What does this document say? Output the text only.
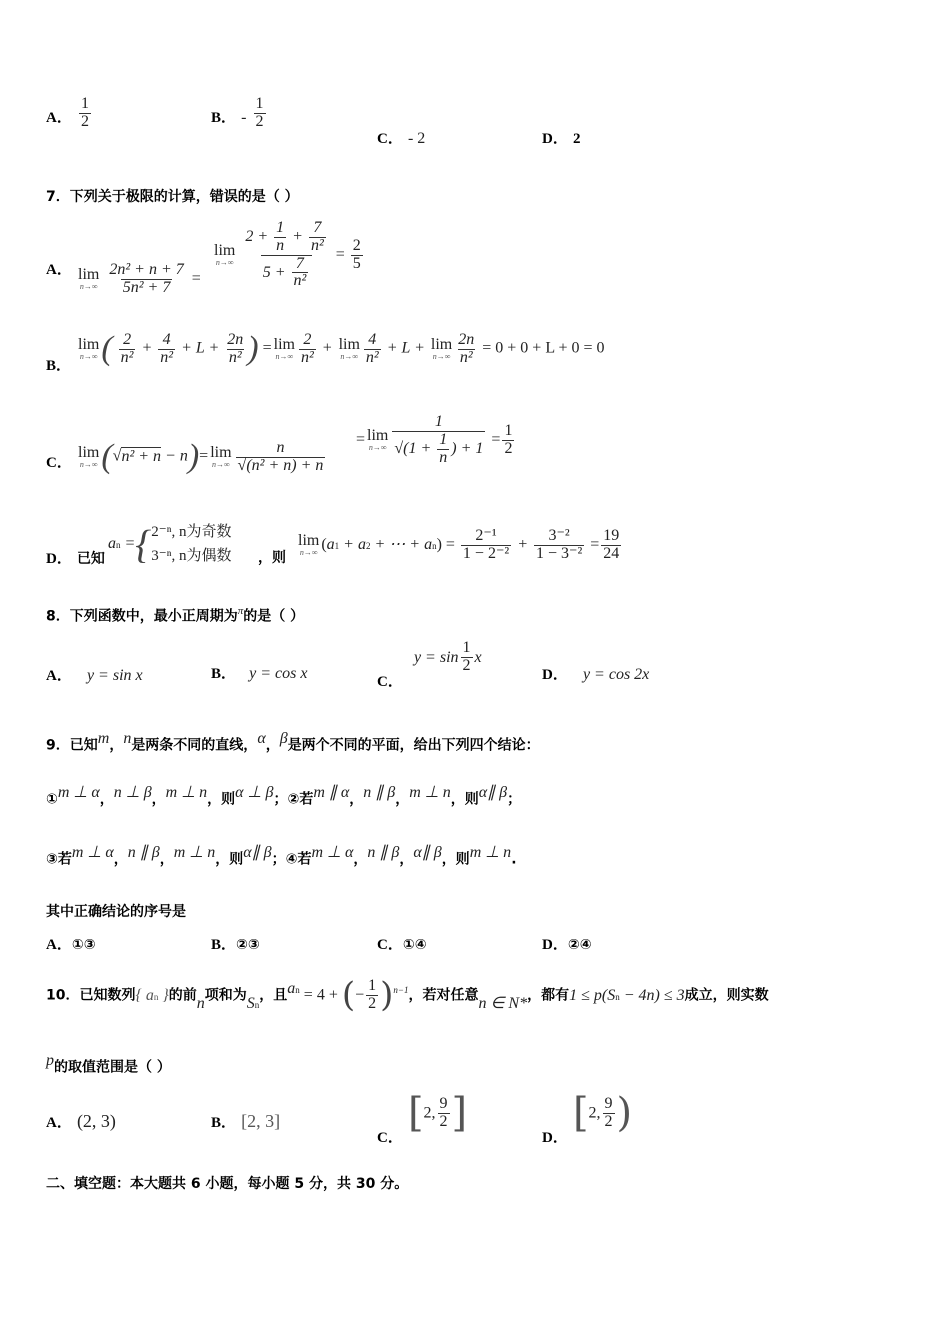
A． $\frac{1}{2}$	B． - $\frac{1}{2}$
C． - 2	D． 2
7．下列关于极限的计算，错误的是（ ）
A． lim
n→∞
$\frac{\text{2n² + n + 7}}{\text{5n² + 7}}$ =
lim
n→∞
$\frac{2 + \frac{1}{n} + \frac{7}{\text{n²}}}{5 + \frac{7}{\text{n²}}} = \frac{2}{5}$
B．
lim
n→∞ ( $\frac{2}{\text{n²}} + \frac{4}{\text{n²}} + L + \frac{2n}{\text{n²}}$ ) = lim
$n\to\infty \frac{2}{\text{n²}} + \lim$
$n\to\infty \frac{4}{\text{n²}} + L + \lim$
$n\to\infty \frac{2n}{\text{n²}} = 0 + 0 + L + 0 = 0$
C．
lim
n→∞ (√n² + n − n)= lim
$n\to\infty \frac{n}{\text{√(n² + n) + n}}$
= lim
$n\to\infty \frac{1}{√(1 + \frac{1}{n} ) + 1} = \frac{1}{2}$
D． 已知
an ={ 2⁻ⁿ, n为奇数
3⁻ⁿ, n为偶数 ，则
lim
n→∞ (a1 + a2 + ⋯ + $an) = \frac{\text{2⁻¹}}{\text{1 − 2⁻²}} + \frac{\text{3⁻²}}{\text{1 − 3⁻²}} = \frac{19}{24}$
8．下列函数中，最小正周期为$^\pi$的是（ ）
A． y = sin x	B． y = cos x	C． $y = \sin \frac{1}{2}$ x
D． y = cos 2x
9．已知m，n是两条不同的直线，α，β是两个不同的平面，给出下列四个结论：
①m ⊥ α，n ⊥ β，m ⊥ n，则α ⊥ β；②若m ∥ α，n ∥ β，m ⊥ n，则α∥ β；
③若m ⊥ α，n ∥ β，m ⊥ n，则α∥ β；④若m ⊥ α，n ∥ β，α∥ β，则m ⊥ n.
其中正确结论的序号是
A．①③	B．②③	C．①④	D．②④
10．已知数列{ an }的前n项和为Sn，且an = 4 + (− $\frac{1}{2} )^{n-1}$，若对任意n ∈ N*，都有1 ≤ p(Sn − 4n) ≤ 3成立，则实数
p的取值范围是（ ）
A． (2, 3)	B． [2, 3]
C． [2, $\frac{9}{2}$ ]
D． [2, $\frac{9}{2}$ )
二、填空题：本大题共 6 小题，每小题 5 分，共 30 分。
